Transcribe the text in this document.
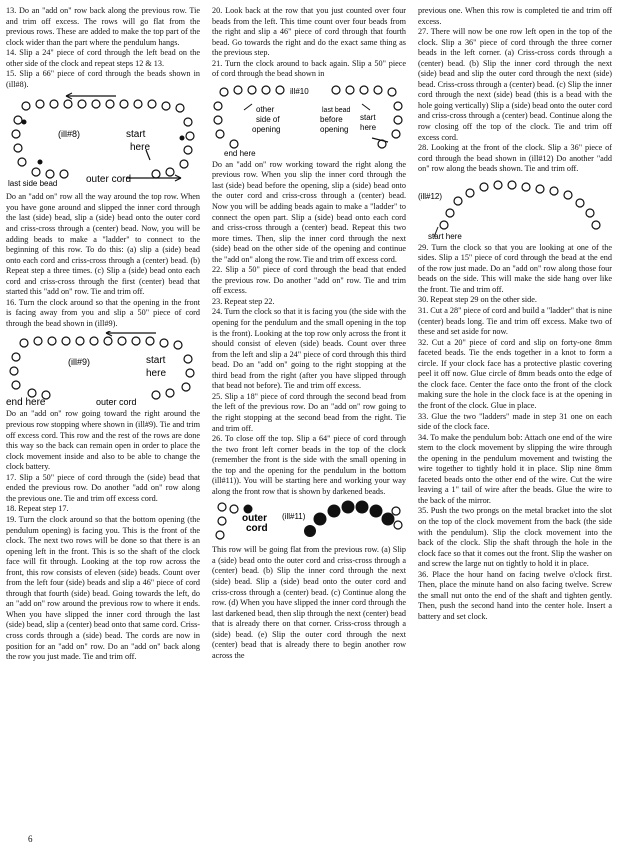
13. Do an "add on" row back along the previous row. Tie and trim off excess. The rows will go flat from the previous rows. These are added to make the top part of the clock wider than the part where the pendulum hangs.

14. Slip a 24" piece of cord through the left bead on the other side of the clock and repeat steps 12 & 13.

15. Slip a 66" piece of cord through the beads shown in (ill#8).

(ill#8)	start
here
outer cord
last side bead

Do an "add on" row all the way around the top row. When you have gone around and slipped the inner cord through the last (side) bead, slip a (side) bead onto the outer cord and criss-cross through a (center) bead. Now, you will be adding beads to make a "ladder" to connect to the beginning of this row. To do this: (a) slip a (side) bead onto each cord and criss-cross through a (center) bead. (b) Repeat step a three times. (c) Slip a (side) bead onto each cord and criss-cross through the first (center) bead that started this "add on" row. Tie and trim off.

16. Turn the clock around so that the opening in the front is facing away from you and slip a 50" piece of cord through the bead shown in (ill#9).

(ill#9)	start
here
end here	outer cord

Do an "add on" row going toward the right around the previous row stopping where shown in (ill#9). Tie and trim off excess cord. This row and the rest of the rows are done this way so the back can remain open in order to place the clock movement inside and also to be able to change the clock battery.

17. Slip a 50" piece of cord through the (side) bead that ended the previous row. Do another "add on" row along the previous one. Tie and trim off excess cord.

18. Repeat step 17.

19. Turn the clock around so that the bottom opening (the pendulum opening) is facing you. This is the front of the clock. The next two rows will be done so that there is an opening left in the front. This is so the shaft of the clock face will fit through. Looking at the top row across the front, this row consists of eleven (side) beads. Count over from the left four (side) beads and slip a 46" piece of cord through that fourth (side) bead. Going towards the left, do an "add on" row around the previous row to where it ends. When you have slipped the inner cord through the last (side) bead, slip a (center) bead onto that same cord. Criss-cross cords through a (side) bead. The cords are now in position for an "add on" row. Do an "add on" back along the row you just made. Tie and trim off.

20. Look back at the row that you just counted over four beads from the left. This time count over four beads from the right and slip a 46" piece of cord through that fourth bead. Go towards the right and do the exact same thing as the previous step.

21. Turn the clock around to back again. Slip a 50" piece of cord through the bead shown in

ill#10
other
side of
opening
last bead
before
opening
start
here
end here

Do an "add on" row working toward the right along the previous row. When you slip the inner cord through the last (side) bead before the opening, slip a (side) bead onto the outer cord and criss-cross through a (center) bead. Now you will be adding beads again to make a "ladder" to connect the open part. Slip a (side) bead onto each cord and criss-cross through a (center) bead. Repeat this two more times. Then, slip the inner cord through the next (side) bead on the other side of the opening and continue the "add on" along the row. Tie and trim off excess cord.

22. Slip a 50" piece of cord through the bead that ended the previous row. Do another "add on" row. Tie and trim off excess.

23. Repeat step 22.

24. Turn the clock so that it is facing you (the side with the opening for the pendulum and the small opening in the top is the front). Looking at the top row only across the front it should consist of eleven (side) beads. Count over three from the left and slip a 24" piece of cord through this third bead. Do an "add on" going to the right stopping at the third bead from the right (after you have slipped through that bead not before). Tie and trim off excess.

25. Slip a 18" piece of cord through the second bead from the left of the previous row. Do an "add on" row going to the right stopping at the second bead from the right. Tie and trim off.

26. To close off the top. Slip a 64" piece of cord through the two front left corner beads in the top of the clock (remember the front is the side with the small opening in the top and the opening for the pendulum in the bottom (ill#11)). You will be starting here and working your way along the front row that is shown by darkened beads.

outer
cord
(ill#11)

This row will be going flat from the previous row. (a) Slip a (side) bead onto the outer cord and criss-cross through a (center) bead. (b) Slip the inner cord through the next (side) bead. Slip a (side) bead onto the outer cord and criss-cross through a (center) bead. (c) Continue along the row. (d) When you have slipped the inner cord through the last darkened bead, then slip through the next (center) bead that is already there on that corner. Criss-cross through a (side) bead. (e) Slip the outer cord through the next (center) bead that is already there to begin another row across the

previous one. When this row is completed tie and trim off excess.

27. There will now be one row left open in the top of the clock. Slip a 36" piece of cord through the three corner beads in the left corner. (a) Criss-cross cords through a (center) bead. (b) Slip the inner cord through the next (side) bead and slip the outer cord through the next (side) bead. Criss-cross through a (center) bead. (c) Slip the inner cord through the next (side) bead (this is a bead with the hole going vertically) Slip a (side) bead onto the outer cord and criss-cross through a (center) bead. Continue along the row closing off the top of the clock. Tie and trim off excess cord.

28. Looking at the front of the clock. Slip a 36" piece of cord through the bead shown in (ill#12) Do another "add on" row along the beads shown. Tie and trim off.

(ill#12)
start here

29. Turn the clock so that you are looking at one of the sides. Slip a 15" piece of cord through the bead at the end of the row just made. Do an "add on" row along those four beads on the side. This will make the side hang over like the front. Tie and trim off.

30. Repeat step 29 on the other side.

31. Cut a 28" piece of cord and build a "ladder" that is nine (center) beads long. Tie and trim off excess. Make two of these and set aside for now.

32. Cut a 20" piece of cord and slip on forty-one 8mm faceted beads. Tie the ends together in a knot to form a circle. If your clock face has a protective plastic covering peel it off now. Glue circle of 8mm beads onto the edge of the clock face. Center the face onto the front of the clock making sure the hole in the clock face is at the opening in the front of the clock. Glue in place.

33. Glue the two "ladders" made in step 31 one on each side of the clock face.

34. To make the pendulum bob: Attach one end of the wire stem to the clock movement by slipping the wire through the opening in the pendulum movement and twisting the wire together to tightly hold it in place. Slip nine 8mm faceted beads onto the other end of the wire. Cut the wire leaving a 1" tail of wire after the beads. Glue the wire to the back of the mirror.

35. Push the two prongs on the metal bracket into the slot on the top of the clock movement from the back (the side with the pendulum). Slip the clock movement into the back of the clock. Slip the shaft through the hole in the clock face so that it comes out the front. Slip the washer on and screw the large nut on tightly to hold it in place.

36. Place the hour hand on facing twelve o'clock first. Then, place the minute hand on also facing twelve. Screw the small nut onto the end of the shaft and tighten gently. Then, push the second hand into the center hole. Insert a battery and set clock.

6
